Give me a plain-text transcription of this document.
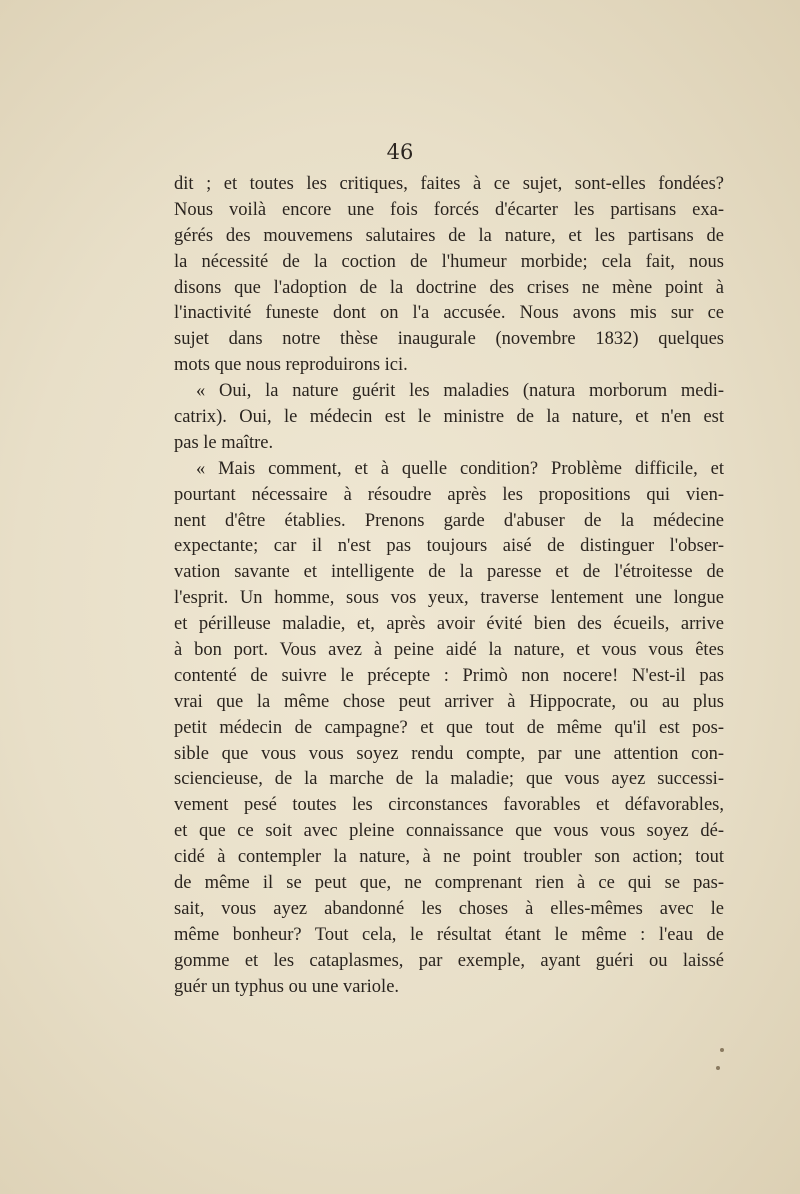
46
dit ; et toutes les critiques, faites à ce sujet, sont-elles fondées?
Nous voilà encore une fois forcés d'écarter les partisans exa-
gérés des mouvemens salutaires de la nature, et les partisans de
la nécessité de la coction de l'humeur morbide; cela fait, nous
disons que l'adoption de la doctrine des crises ne mène point à
l'inactivité funeste dont on l'a accusée. Nous avons mis sur ce
sujet dans notre thèse inaugurale (novembre 1832) quelques
mots que nous reproduirons ici.
« Oui, la nature guérit les maladies (natura morborum medi-
catrix). Oui, le médecin est le ministre de la nature, et n'en est
pas le maître.
« Mais comment, et à quelle condition? Problème difficile, et
pourtant nécessaire à résoudre après les propositions qui vien-
nent d'être établies. Prenons garde d'abuser de la médecine
expectante; car il n'est pas toujours aisé de distinguer l'obser-
vation savante et intelligente de la paresse et de l'étroitesse de
l'esprit. Un homme, sous vos yeux, traverse lentement une longue
et périlleuse maladie, et, après avoir évité bien des écueils, arrive
à bon port. Vous avez à peine aidé la nature, et vous vous êtes
contenté de suivre le précepte : Primò non nocere! N'est-il pas
vrai que la même chose peut arriver à Hippocrate, ou au plus
petit médecin de campagne? et que tout de même qu'il est pos-
sible que vous vous soyez rendu compte, par une attention con-
sciencieuse, de la marche de la maladie; que vous ayez successi-
vement pesé toutes les circonstances favorables et défavorables,
et que ce soit avec pleine connaissance que vous vous soyez dé-
cidé à contempler la nature, à ne point troubler son action; tout
de même il se peut que, ne comprenant rien à ce qui se pas-
sait, vous ayez abandonné les choses à elles-mêmes avec le
même bonheur? Tout cela, le résultat étant le même : l'eau de
gomme et les cataplasmes, par exemple, ayant guéri ou laissé
guér un typhus ou une variole.
